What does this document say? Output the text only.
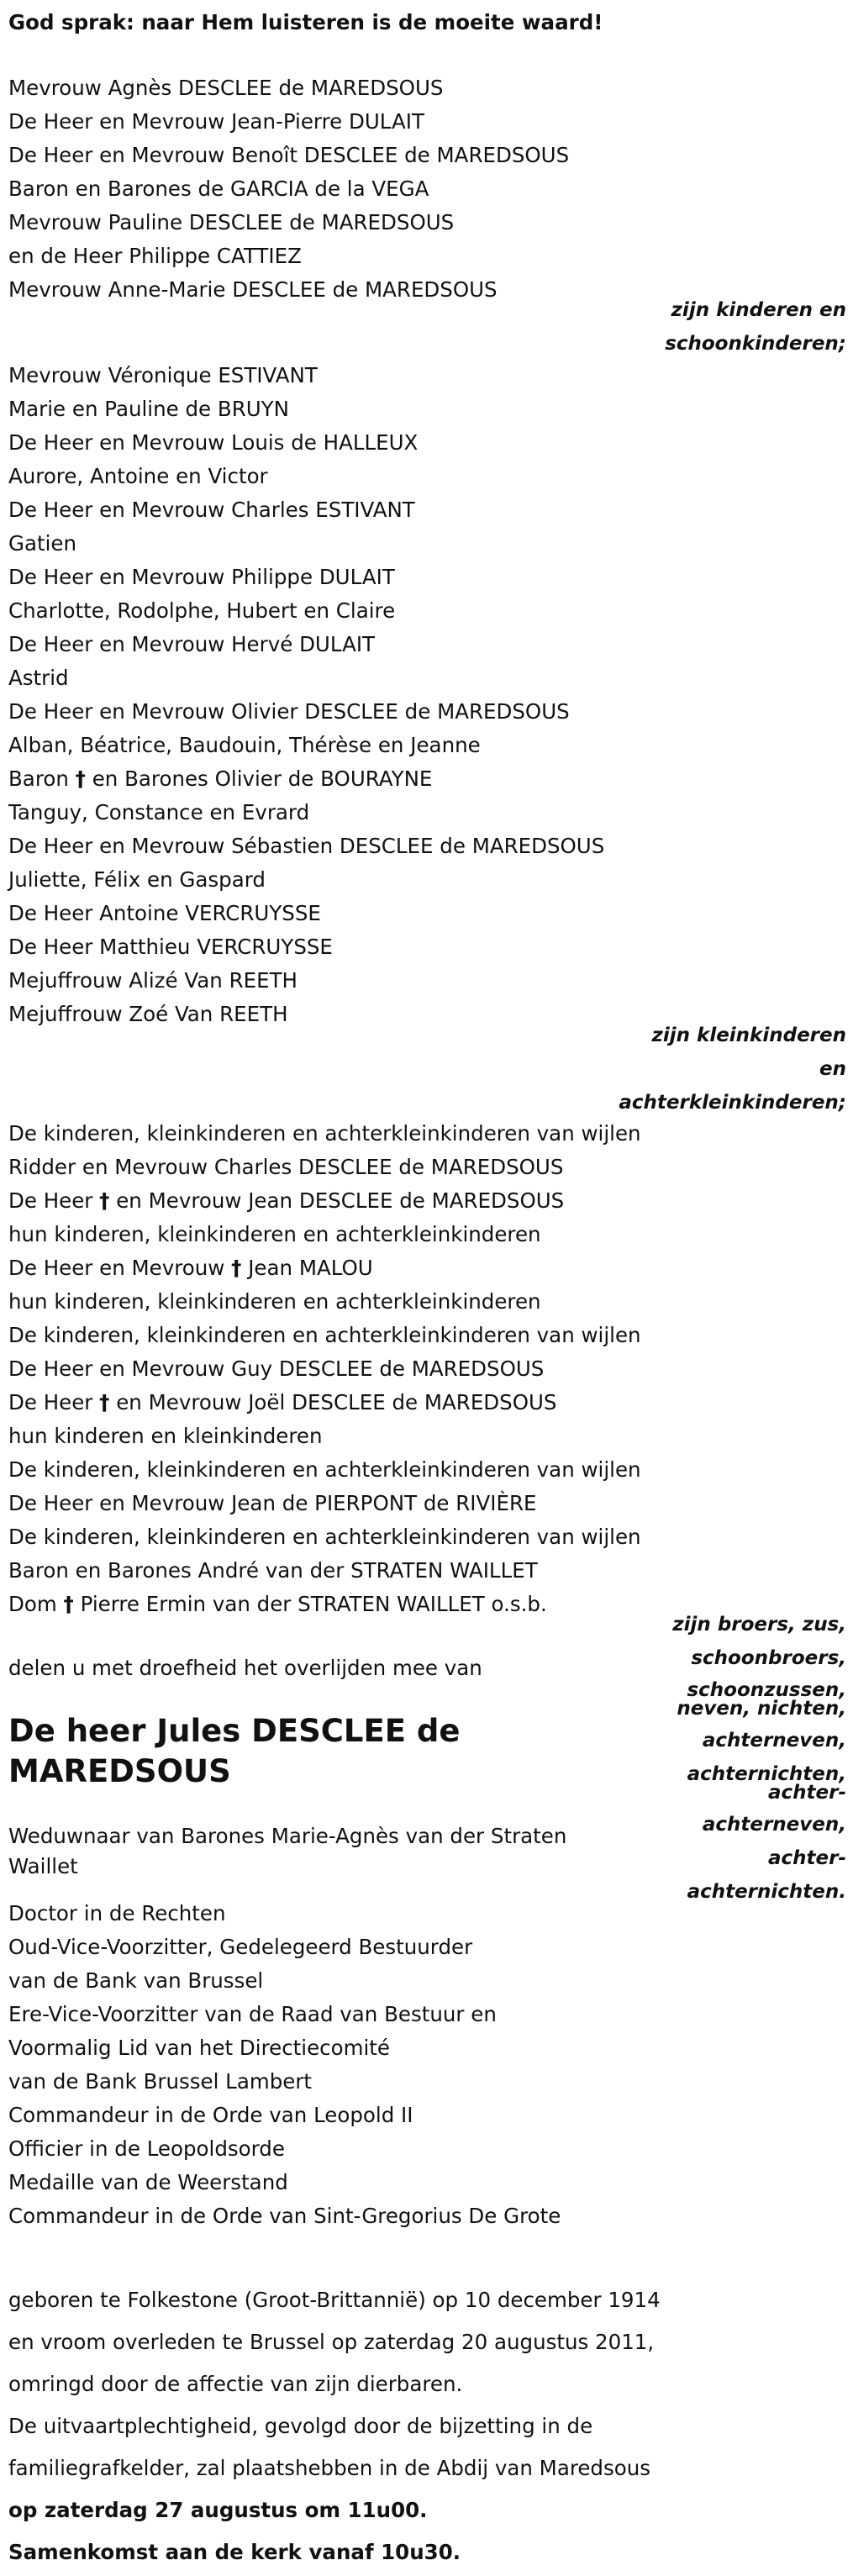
God sprak: naar Hem luisteren is de moeite waard!

Mevrouw Agnès DESCLEE de MAREDSOUS

De Heer en Mevrouw Jean-Pierre DULAIT

De Heer en Mevrouw Benoît DESCLEE de MAREDSOUS

Baron en Barones de GARCIA de la VEGA

Mevrouw Pauline DESCLEE de MAREDSOUS

en de Heer Philippe CATTIEZ

Mevrouw Anne-Marie DESCLEE de MAREDSOUS

zijn kinderen en

schoonkinderen;

Mevrouw Véronique ESTIVANT

Marie en Pauline de BRUYN

De Heer en Mevrouw Louis de HALLEUX

Aurore, Antoine en Victor

De Heer en Mevrouw Charles ESTIVANT

Gatien

De Heer en Mevrouw Philippe DULAIT

Charlotte, Rodolphe, Hubert en Claire

De Heer en Mevrouw Hervé DULAIT

Astrid

De Heer en Mevrouw Olivier DESCLEE de MAREDSOUS

Alban, Béatrice, Baudouin, Thérèse en Jeanne

Baron † en Barones Olivier de BOURAYNE

Tanguy, Constance en Evrard

De Heer en Mevrouw Sébastien DESCLEE de MAREDSOUS

Juliette, Félix en Gaspard

De Heer Antoine VERCRUYSSE

De Heer Matthieu VERCRUYSSE

Mejuffrouw Alizé Van REETH

Mejuffrouw Zoé Van REETH

zijn kleinkinderen

en

achterkleinkinderen;

De kinderen, kleinkinderen en achterkleinkinderen van wijlen

Ridder en Mevrouw Charles DESCLEE de MAREDSOUS

De Heer † en Mevrouw Jean DESCLEE de MAREDSOUS

hun kinderen, kleinkinderen en achterkleinkinderen

De Heer en Mevrouw † Jean MALOU

hun kinderen, kleinkinderen en achterkleinkinderen

De kinderen, kleinkinderen en achterkleinkinderen van wijlen

De Heer en Mevrouw Guy DESCLEE de MAREDSOUS

De Heer † en Mevrouw Joël DESCLEE de MAREDSOUS

hun kinderen en kleinkinderen

De kinderen, kleinkinderen en achterkleinkinderen van wijlen

De Heer en Mevrouw Jean de PIERPONT de RIVIÈRE

De kinderen, kleinkinderen en achterkleinkinderen van wijlen

Baron en Barones André van der STRATEN WAILLET

Dom † Pierre Ermin van der STRATEN WAILLET o.s.b.

zijn broers, zus,

schoonbroers,

schoonzussen,

neven, nichten,

achterneven,

achternichten,

achter-

achterneven,

achter-

achternichten.

delen u met droefheid het overlijden mee van

De heer Jules DESCLEE de
MAREDSOUS

Weduwnaar van Barones Marie-Agnès van der Straten

Waillet

Doctor in de Rechten

Oud-Vice-Voorzitter, Gedelegeerd Bestuurder

van de Bank van Brussel

Ere-Vice-Voorzitter van de Raad van Bestuur en

Voormalig Lid van het Directiecomité

van de Bank Brussel Lambert

Commandeur in de Orde van Leopold II

Officier in de Leopoldsorde

Medaille van de Weerstand

Commandeur in de Orde van Sint-Gregorius De Grote

geboren te Folkestone (Groot-Brittannië) op 10 december 1914

en vroom overleden te Brussel op zaterdag 20 augustus 2011,

omringd door de affectie van zijn dierbaren.

De uitvaartplechtigheid, gevolgd door de bijzetting in de

familiegrafkelder, zal plaatshebben in de Abdij van Maredsous

op zaterdag 27 augustus om 11u00.

Samenkomst aan de kerk vanaf 10u30.
